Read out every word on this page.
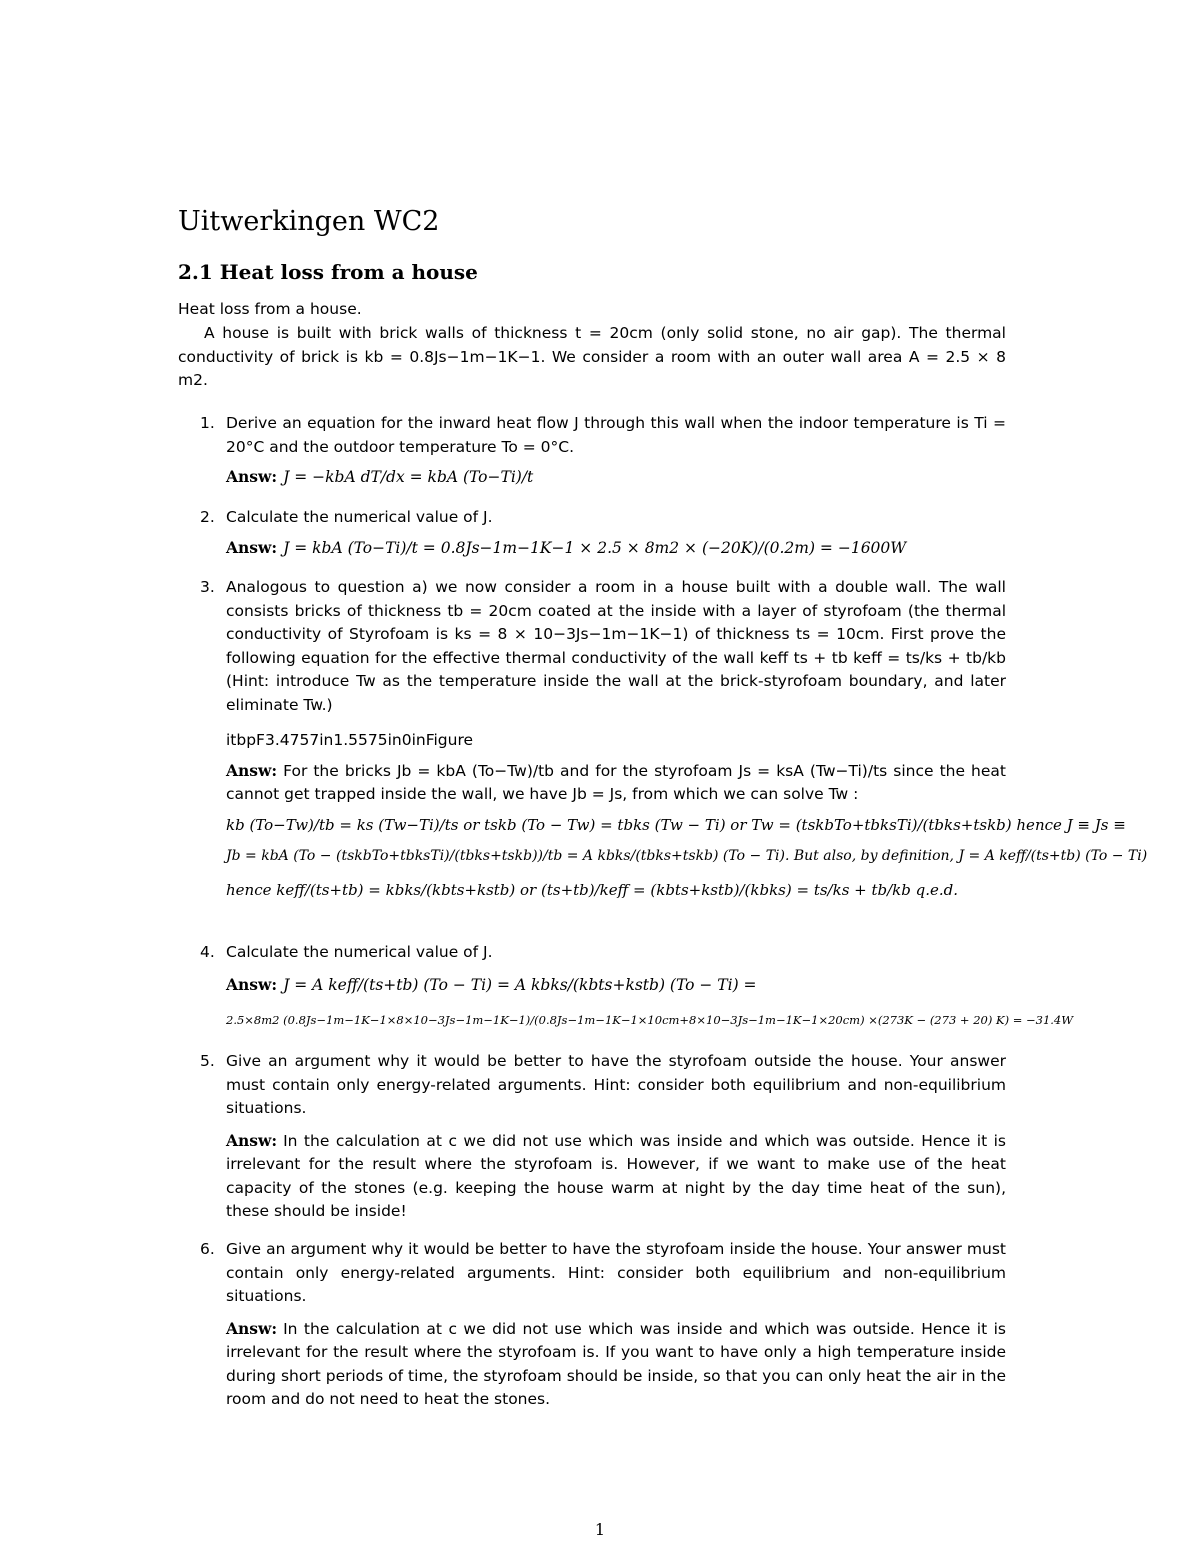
Uitwerkingen WC2
2.1 Heat loss from a house
Heat loss from a house.
A house is built with brick walls of thickness t = 20cm (only solid stone, no air gap). The thermal conductivity of brick is kb = 0.8Js−1m−1K−1. We consider a room with an outer wall area A = 2.5 × 8 m2.
1. Derive an equation for the inward heat flow J through this wall when the indoor temperature is Ti = 20°C and the outdoor temperature To = 0°C.
Answ: J = −kbA dT/dx = kbA (To−Ti)/t
2. Calculate the numerical value of J.
Answ: J = kbA (To−Ti)/t = 0.8Js−1m−1K−1 × 2.5 × 8m2 × (−20K)/(0.2m) = −1600W
3. Analogous to question a) we now consider a room in a house built with a double wall. The wall consists bricks of thickness tb = 20cm coated at the inside with a layer of styrofoam (the thermal conductivity of Styrofoam is ks = 8 × 10−3Js−1m−1K−1) of thickness ts = 10cm. First prove the following equation for the effective thermal conductivity of the wall keff ts + tb keff = ts/ks + tb/kb (Hint: introduce Tw as the temperature inside the wall at the brick-styrofoam boundary, and later eliminate Tw.)
itbpF3.4757in1.5575in0inFigure
Answ: For the bricks Jb = kbA (To−Tw)/tb and for the styrofoam Js = ksA (Tw−Ti)/ts since the heat cannot get trapped inside the wall, we have Jb = Js, from which we can solve Tw :
kb (To−Tw)/tb = ks (Tw−Ti)/ts or tskb (To − Tw) = tbks (Tw − Ti) or Tw = (tskbTo+tbksTi)/(tbks+tskb) hence J ≡ Js ≡
Jb = kbA (To − (tskbTo+tbksTi)/(tbks+tskb))/tb = A kbks/(tbks+tskb) (To − Ti). But also, by definition, J = A keff/(ts+tb) (To − Ti)
hence keff/(ts+tb) = kbks/(kbts+kstb) or (ts+tb)/keff = (kbts+kstb)/(kbks) = ts/ks + tb/kb q.e.d.
4. Calculate the numerical value of J.
Answ: J = A keff/(ts+tb) (To − Ti) = A kbks/(kbts+kstb) (To − Ti) =
2.5×8m2 (0.8Js−1m−1K−1×8×10−3Js−1m−1K−1)/(0.8Js−1m−1K−1×10cm+8×10−3Js−1m−1K−1×20cm) ×(273K − (273 + 20) K) = −31.4W
5. Give an argument why it would be better to have the styrofoam outside the house. Your answer must contain only energy-related arguments. Hint: consider both equilibrium and non-equilibrium situations.
Answ: In the calculation at c we did not use which was inside and which was outside. Hence it is irrelevant for the result where the styrofoam is. However, if we want to make use of the heat capacity of the stones (e.g. keeping the house warm at night by the day time heat of the sun), these should be inside!
6. Give an argument why it would be better to have the styrofoam inside the house. Your answer must contain only energy-related arguments. Hint: consider both equilibrium and non-equilibrium situations.
Answ: In the calculation at c we did not use which was inside and which was outside. Hence it is irrelevant for the result where the styrofoam is. If you want to have only a high temperature inside during short periods of time, the styrofoam should be inside, so that you can only heat the air in the room and do not need to heat the stones.
1
